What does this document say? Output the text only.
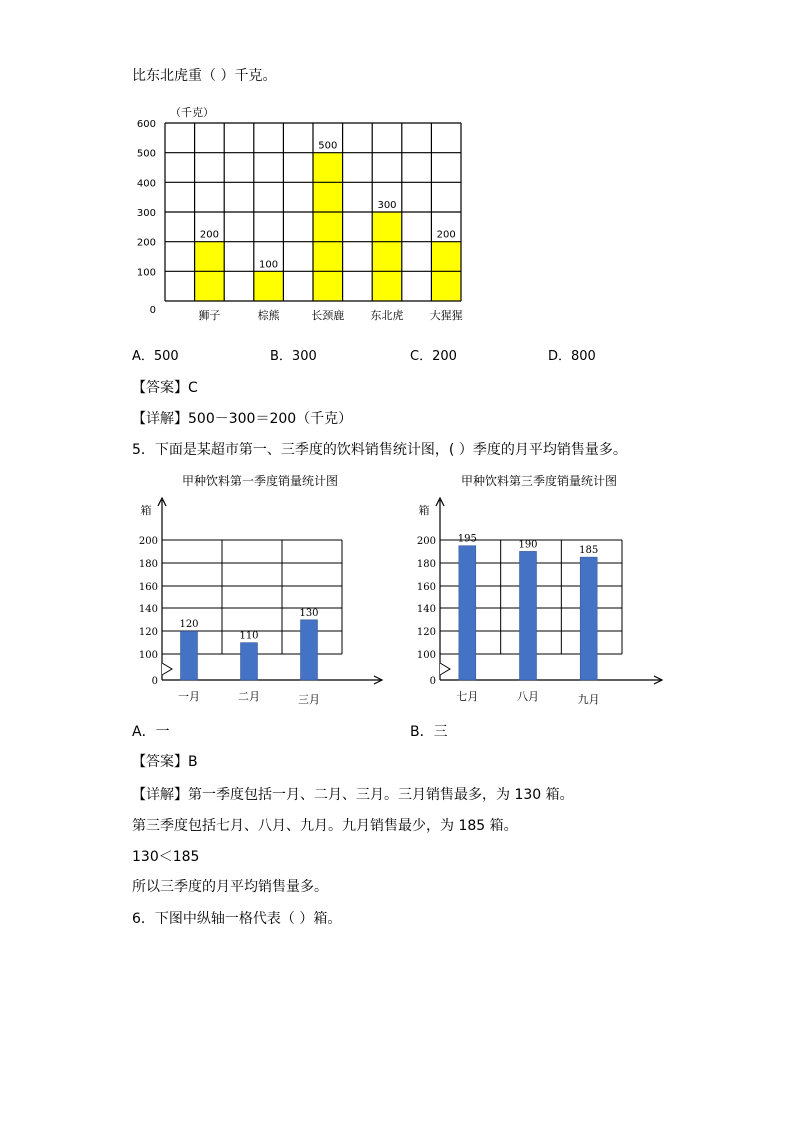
比东北虎重（ ）千克。
（千克）
200
狮子
100
棕熊
500
长颈鹿
300
东北虎
200
大猩猩
0
100
200
300
400
500
600
A．500	B．300	C．200	D．800
【答案】C
【详解】500－300＝200（千克）
5．下面是某超市第一、三季度的饮料销售统计图，( ）季度的月平均销售量多。
甲种饮料第一季度销量统计图
箱
0
100
120
140
160
180
200
120
一月
110
二月
130
三月
甲种饮料第三季度销量统计图
箱
0
100
120
140
160
180
200 195
七月
190
八月
185
九月
A．一	B．三
【答案】B
【详解】第一季度包括一月、二月、三月。三月销售最多，为 130 箱。
第三季度包括七月、八月、九月。九月销售最少，为 185 箱。
130＜185
所以三季度的月平均销售量多。
6．下图中纵轴一格代表（ ）箱。
